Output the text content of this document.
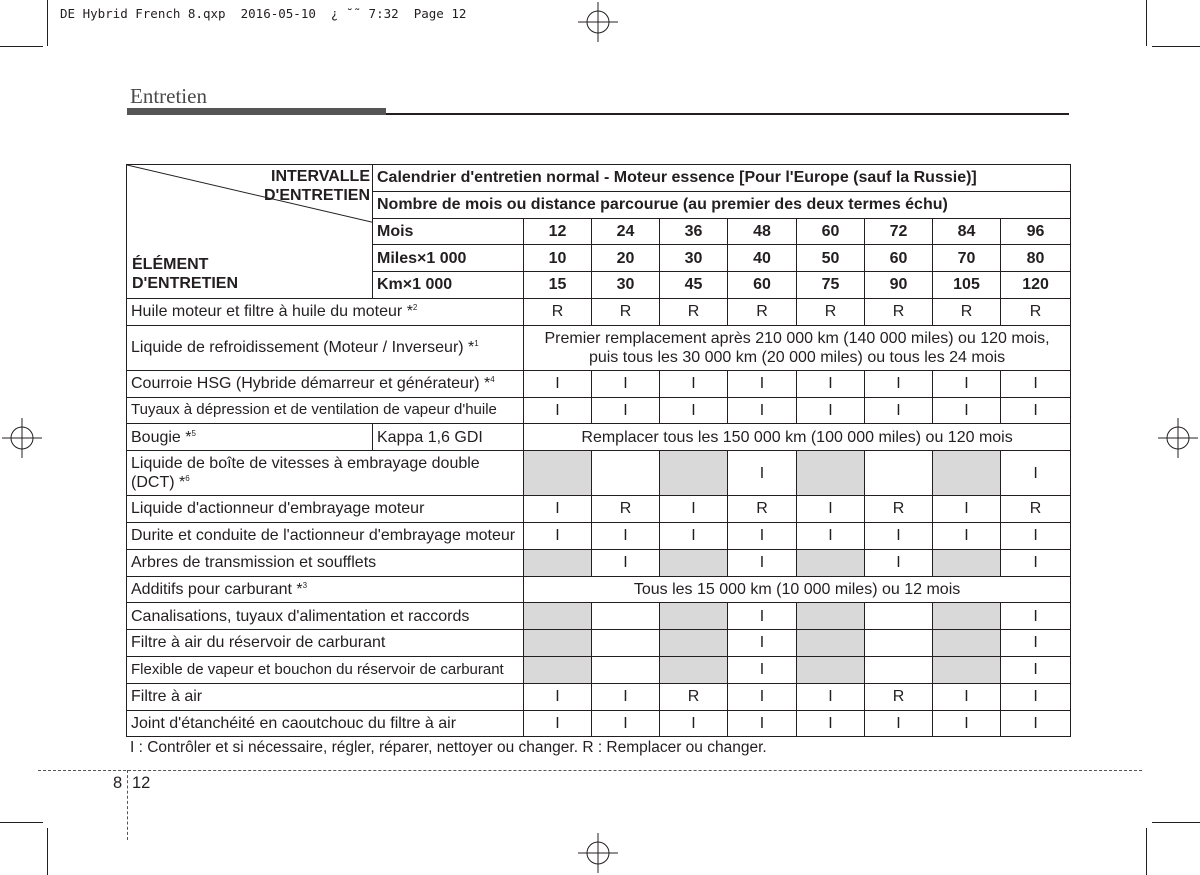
DE Hybrid French 8.qxp  2016-05-10  ¿ ˘˜ 7:32  Page 12
Entretien
INTERVALLE
D'ENTRETIEN
ÉLÉMENT
D'ENTRETIEN	Calendrier d'entretien normal - Moteur essence [Pour l'Europe (sauf la Russie)]								
	Nombre de mois ou distance parcourue (au premier des deux termes échu)								
	Mois	12	24	36	48	60	72	84	96
	Miles×1 000	10	20	30	40	50	60	70	80
	Km×1 000	15	30	45	60	75	90	105	120
Huile moteur et filtre à huile du moteur *$^2$		R	R	R	R	R	R	R	R
Liquide de refroidissement (Moteur / Inverseur) *$^1$		Premier remplacement après 210 000 km (140 000 miles) ou 120 mois,
puis tous les 30 000 km (20 000 miles) ou tous les 24 mois							

Courroie HSG (Hybride démarreur et générateur) *$^4$		I	I	I	I	I	I	I	I
Tuyaux à dépression et de ventilation de vapeur d'huile		I	I	I	I	I	I	I	I
Bougie *$^5$	Kappa 1,6 GDI	Remplacer tous les 150 000 km (100 000 miles) ou 120 mois							

Liquide de boîte de vitesses à embrayage double
(DCT) *$^6$					I				I
Liquide d'actionneur d'embrayage moteur		I	R	I	R	I	R	I	R
Durite et conduite de l'actionneur d'embrayage moteur		I	I	I	I	I	I	I	I
Arbres de transmission et soufflets			I		I		I		I
Additifs pour carburant *$^3$		Tous les 15 000 km (10 000 miles) ou 12 mois							
Canalisations, tuyaux d'alimentation et raccords					I				I
Filtre à air du réservoir de carburant					I				I
Flexible de vapeur et bouchon du réservoir de carburant					I				I
Filtre à air		I	I	R	I	I	R	I	I
Joint d'étanchéité en caoutchouc du filtre à air		I	I	I	I	I	I	I	I
I : Contrôler et si nécessaire, régler, réparer, nettoyer ou changer. R : Remplacer ou changer.
8 12
